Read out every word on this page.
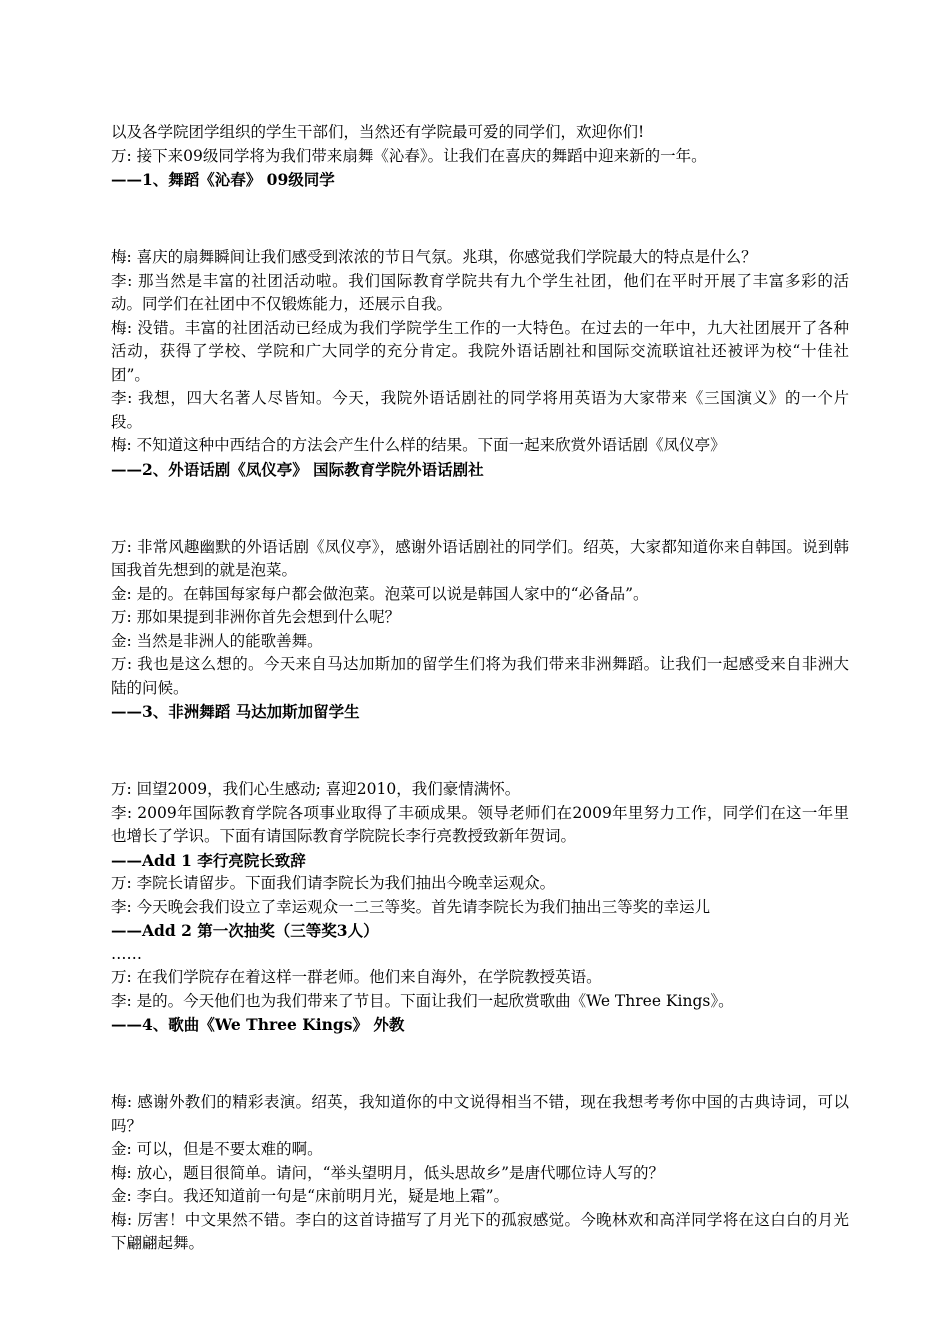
以及各学院团学组织的学生干部们，当然还有学院最可爱的同学们，欢迎你们!

万: 接下来09级同学将为我们带来扇舞《沁春》。让我们在喜庆的舞蹈中迎来新的一年。

——1、舞蹈《沁春》 09级同学

梅: 喜庆的扇舞瞬间让我们感受到浓浓的节日气氛。兆琪，你感觉我们学院最大的特点是什么？

李: 那当然是丰富的社团活动啦。我们国际教育学院共有九个学生社团，他们在平时开展了丰富多彩的活动。同学们在社团中不仅锻炼能力，还展示自我。

梅: 没错。丰富的社团活动已经成为我们学院学生工作的一大特色。在过去的一年中，九大社团展开了各种活动，获得了学校、学院和广大同学的充分肯定。我院外语话剧社和国际交流联谊社还被评为校“十佳社团”。

李: 我想，四大名著人尽皆知。今天，我院外语话剧社的同学将用英语为大家带来《三国演义》的一个片段。

梅: 不知道这种中西结合的方法会产生什么样的结果。下面一起来欣赏外语话剧《凤仪亭》

——2、外语话剧《凤仪亭》 国际教育学院外语话剧社

万: 非常风趣幽默的外语话剧《凤仪亭》，感谢外语话剧社的同学们。绍英，大家都知道你来自韩国。说到韩国我首先想到的就是泡菜。

金: 是的。在韩国每家每户都会做泡菜。泡菜可以说是韩国人家中的“必备品”。

万: 那如果提到非洲你首先会想到什么呢？

金: 当然是非洲人的能歌善舞。

万: 我也是这么想的。今天来自马达加斯加的留学生们将为我们带来非洲舞蹈。让我们一起感受来自非洲大陆的问候。

——3、非洲舞蹈 马达加斯加留学生

万: 回望2009，我们心生感动; 喜迎2010，我们豪情满怀。

李: 2009年国际教育学院各项事业取得了丰硕成果。领导老师们在2009年里努力工作，同学们在这一年里也增长了学识。下面有请国际教育学院院长李行亮教授致新年贺词。

——Add 1 李行亮院长致辞

万: 李院长请留步。下面我们请李院长为我们抽出今晚幸运观众。

李: 今天晚会我们设立了幸运观众一二三等奖。首先请李院长为我们抽出三等奖的幸运儿

——Add 2 第一次抽奖（三等奖3人）

……

万: 在我们学院存在着这样一群老师。他们来自海外，在学院教授英语。

李: 是的。今天他们也为我们带来了节目。下面让我们一起欣赏歌曲《We Three Kings》。

——4、歌曲《We Three Kings》 外教

梅: 感谢外教们的精彩表演。绍英，我知道你的中文说得相当不错，现在我想考考你中国的古典诗词，可以吗？

金: 可以，但是不要太难的啊。

梅: 放心，题目很简单。请问，“举头望明月，低头思故乡”是唐代哪位诗人写的？

金: 李白。我还知道前一句是“床前明月光，疑是地上霜”。

梅: 厉害！中文果然不错。李白的这首诗描写了月光下的孤寂感觉。今晚林欢和高洋同学将在这白白的月光下翩翩起舞。
